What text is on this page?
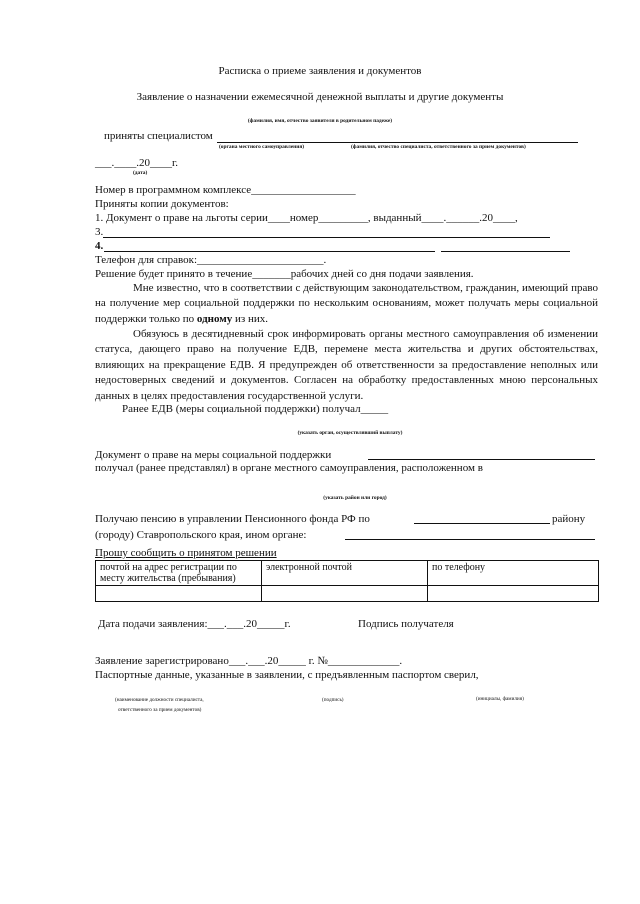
Расписка о приеме заявления и документов
Заявление о назначении ежемесячной денежной выплаты и другие документы
(фамилия, имя, отчество заявителя в родительном падеже)
приняты специалистом
(органа местного самоуправления)	(фамилия, отчество специалиста, ответственного за прием документов)
___.____.20____г.
(дата)
Номер в программном комплексе___________________
Приняты копии документов:
1. Документ о праве на льготы серии____номер_________, выданный____.______.20____,
3.
4.
Телефон для справок:_______________________.
Решение будет принято в течение_______рабочих дней со дня подачи заявления.

Мне известно, что в соответствии с действующим законодательством, гражданин, имеющий право на получение мер социальной поддержки по нескольким основаниям, может получать меры социальной поддержки только по одному из них.

Обязуюсь в десятидневный срок информировать органы местного самоуправления об изменении статуса, дающего право на получение ЕДВ, перемене места жительства и других обстоятельствах, влияющих на прекращение ЕДВ. Я предупрежден об ответственности за предоставление неполных или недостоверных сведений и документов. Согласен на обработку предоставленных мною персональных данных в целях предоставления государственной услуги.

Ранее ЕДВ (меры социальной поддержки) получал_____
(указать орган, осуществлявший выплату)
Документ о праве на меры социальной поддержки
получал (ранее представлял) в органе местного самоуправления, расположенном в
(указать район или город)
Получаю пенсию в управлении Пенсионного фонда РФ по	району
(городу) Ставропольского края, ином органе:
Прошу сообщить о принятом решении
почтой на адрес регистрации по месту жительства (пребывания)	электронной почтой	по телефону

Дата подачи заявления:___.___.20_____г.	Подпись получателя
Заявление зарегистрировано___.___.20_____ г. №_____________.
Паспортные данные, указанные в заявлении, с предъявленным паспортом сверил,
(наименование должности специалиста,
ответственного за прием документов)
(подпись)	(инициалы, фамилия)
